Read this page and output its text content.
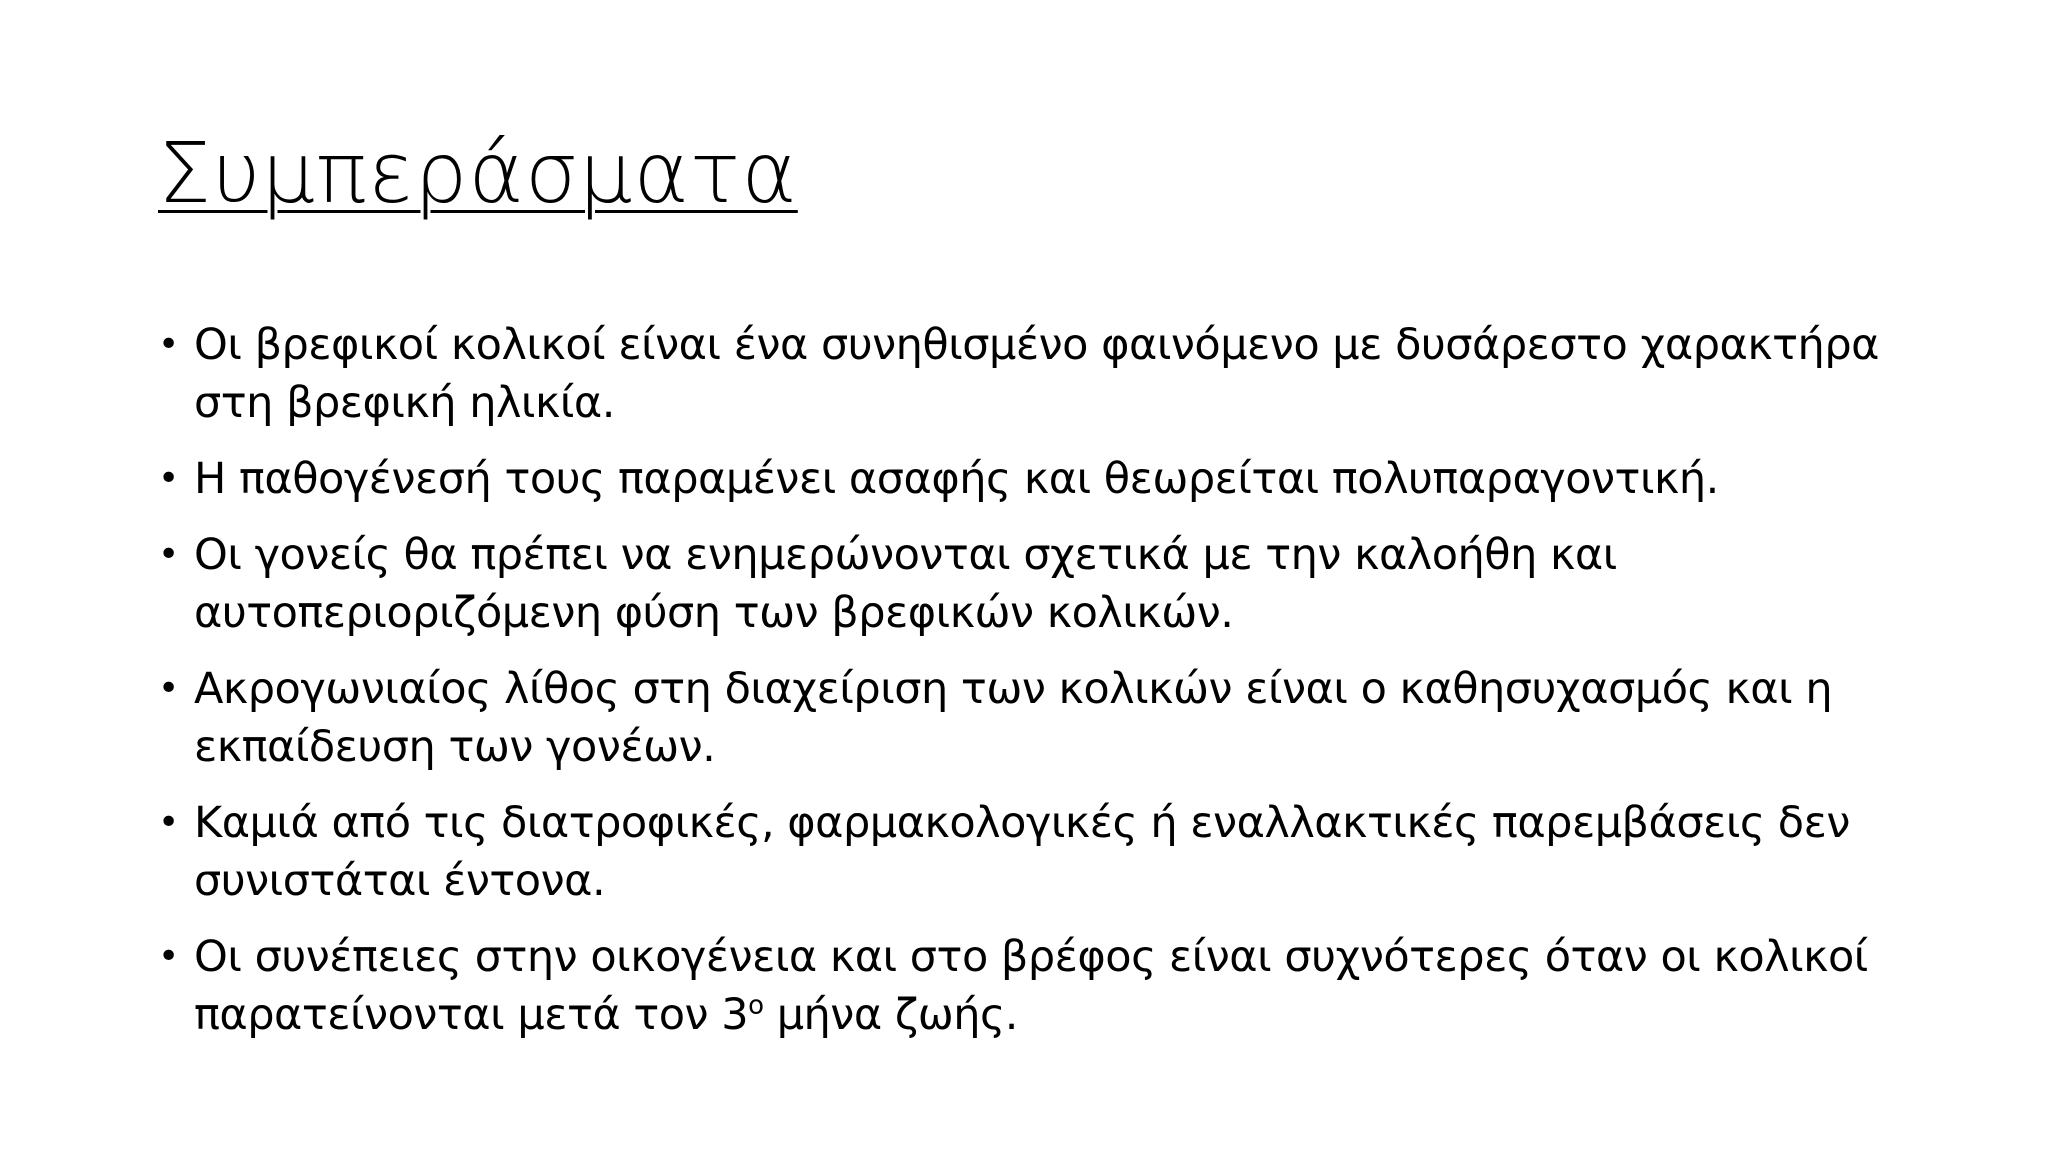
Συμπεράσματα
• Οι βρεφικοί κολικοί είναι ένα συνηθισμένο φαινόμενο με δυσάρεστο χαρακτήρα στη βρεφική ηλικία.
• Η παθογένεσή τους παραμένει ασαφής και θεωρείται πολυπαραγοντική.
• Οι γονείς θα πρέπει να ενημερώνονται σχετικά με την καλοήθη και αυτοπεριοριζόμενη φύση των βρεφικών κολικών.
• Ακρογωνιαίος λίθος στη διαχείριση των κολικών είναι ο καθησυχασμός και η εκπαίδευση των γονέων.
• Καμιά από τις διατροφικές, φαρμακολογικές ή εναλλακτικές παρεμβάσεις δεν συνιστάται έντονα.
• Οι συνέπειες στην οικογένεια και στο βρέφος είναι συχνότερες όταν οι κολικοί παρατείνονται μετά τον $3^o$ μήνα ζωής.
